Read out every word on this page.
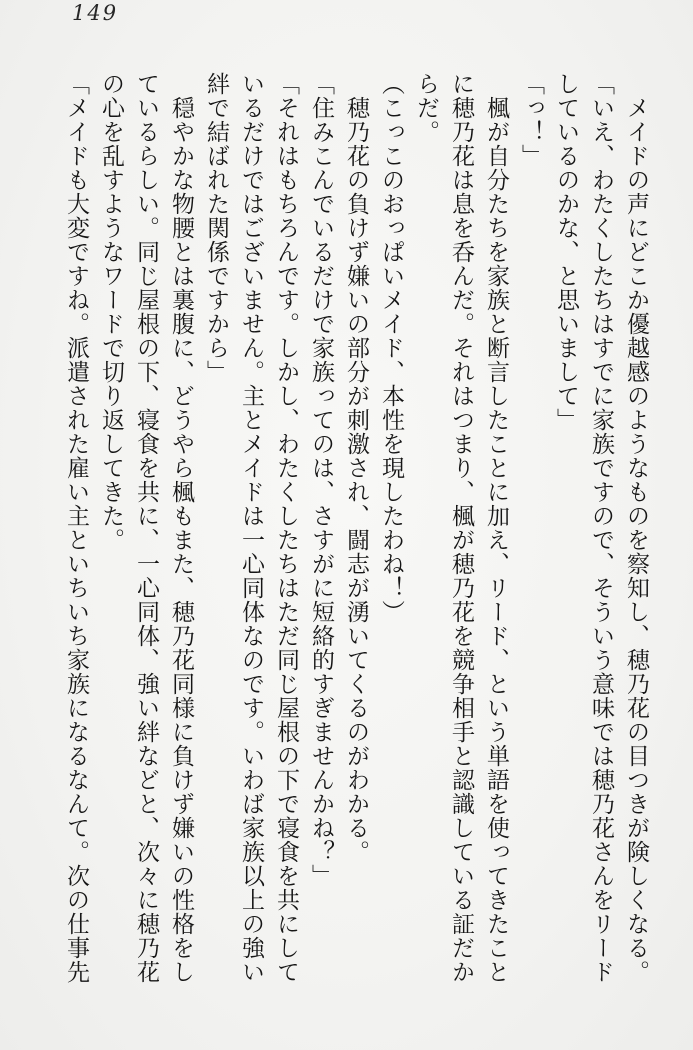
149
　メイドの声にどこか優越感のようなものを察知し、穂乃花の目つきが険しくなる。
「いえ、わたくしたちはすでに家族ですので、そういう意味では穂乃花さんをリード
しているのかな、と思いまして」
「っ！」
　楓が自分たちを家族と断言したことに加え、リード、という単語を使ってきたこと
に穂乃花は息を呑んだ。それはつまり、楓が穂乃花を競争相手と認識している証だか
らだ。
（こっこのおっぱいメイド、本性を現したわね！）
　穂乃花の負けず嫌いの部分が刺激され、闘志が湧いてくるのがわかる。
「住みこんでいるだけで家族ってのは、さすがに短絡的すぎませんかね？」
「それはもちろんです。しかし、わたくしたちはただ同じ屋根の下で寝食を共にして
いるだけではございません。主とメイドは一心同体なのです。いわば家族以上の強い
絆で結ばれた関係ですから」
　穏やかな物腰とは裏腹に、どうやら楓もまた、穂乃花同様に負けず嫌いの性格をし
ているらしい。同じ屋根の下、寝食を共に、一心同体、強い絆などと、次々に穂乃花
の心を乱すようなワードで切り返してきた。
「メイドも大変ですね。派遣された雇い主といちいち家族になるなんて。次の仕事先
